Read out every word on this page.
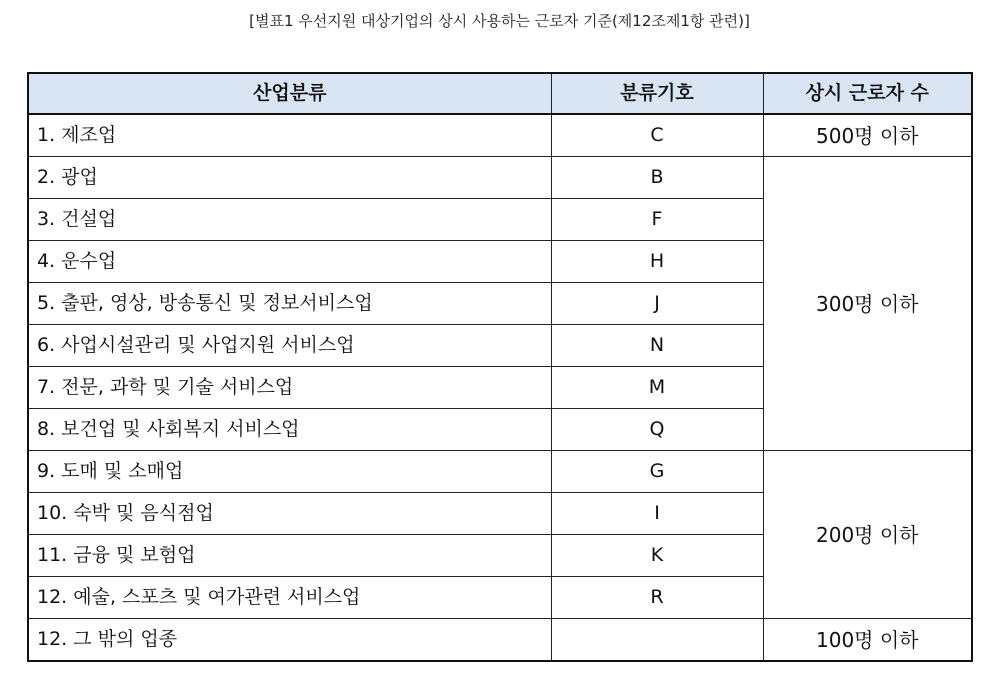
[별표1 우선지원 대상기업의 상시 사용하는 근로자 기준(제12조제1항 관련)]
산업분류	분류기호	상시 근로자 수
1. 제조업	C	500명 이하
2. 광업	B	300명 이하
3. 건설업	F	
4. 운수업	H	
5. 출판, 영상, 방송통신 및 정보서비스업	J	
6. 사업시설관리 및 사업지원 서비스업	N	
7. 전문, 과학 및 기술 서비스업	M	
8. 보건업 및 사회복지 서비스업	Q	
9. 도매 및 소매업	G	200명 이하
10. 숙박 및 음식점업	I	
11. 금융 및 보험업	K	
12. 예술, 스포츠 및 여가관련 서비스업	R	
12. 그 밖의 업종		100명 이하
